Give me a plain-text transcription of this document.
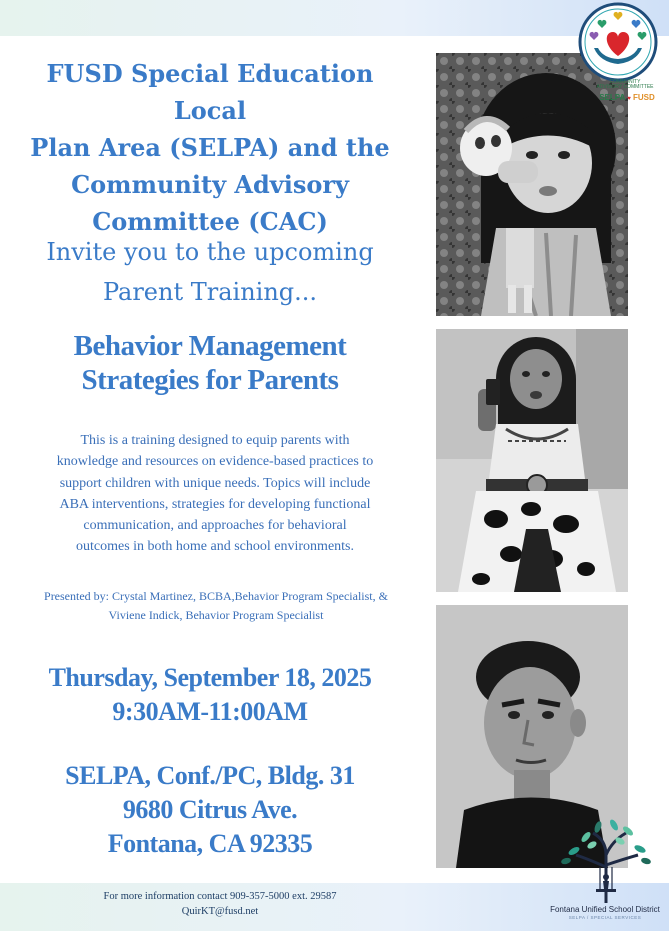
FUSD Special Education Local
Plan Area (SELPA) and the
Community Advisory
Committee (CAC)
Invite you to the upcoming
Parent Training...
Behavior Management
Strategies for Parents
This is a training designed to equip parents with
knowledge and resources on evidence-based practices to
support children with unique needs. Topics will include
ABA interventions, strategies for developing functional
communication, and approaches for behavioral
outcomes in both home and school environments.
Presented by: Crystal Martinez, BCBA,Behavior Program Specialist, &
Viviene Indick, Behavior Program Specialist
Thursday, September 18, 2025
9:30AM-11:00AM
SELPA, Conf./PC, Bldg. 31
9680 Citrus Ave.
Fontana, CA 92335
For more information contact 909-357-5000 ext. 29587
QuirKT@fusd.net
COMMUNITY
ADVISORY COMMITTEE
SELPA ♥ FUSD
Fontana Unified School District
SELPA / SPECIAL SERVICES
